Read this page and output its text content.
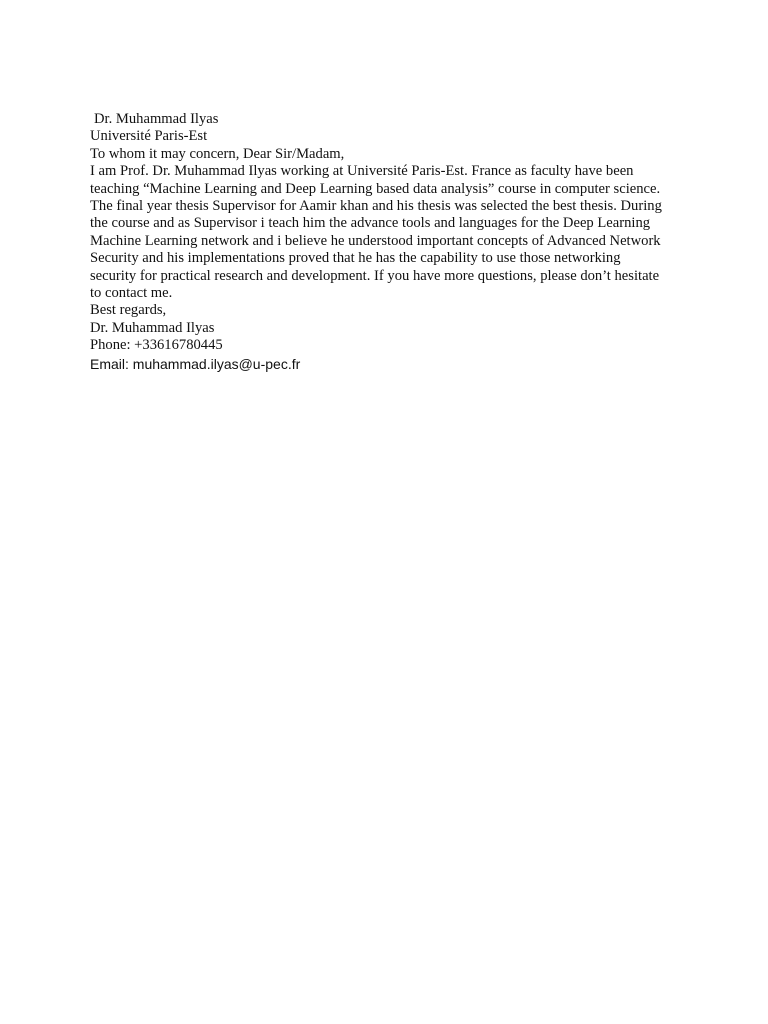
Dr. Muhammad Ilyas
Université Paris-Est
To whom it may concern, Dear Sir/Madam,
I am Prof. Dr. Muhammad Ilyas working at Université Paris-Est. France as faculty have been teaching “Machine Learning and Deep Learning based data analysis” course in computer science. The final year thesis Supervisor for Aamir khan and his thesis was selected the best thesis. During the course and as Supervisor i teach him the advance tools and languages for the Deep Learning Machine Learning network and i believe he understood important concepts of Advanced Network Security and his implementations proved that he has the capability to use those networking security for practical research and development. If you have more questions, please don’t hesitate to contact me.
Best regards,
Dr. Muhammad Ilyas
Phone: +33616780445
Email: muhammad.ilyas@u-pec.fr
